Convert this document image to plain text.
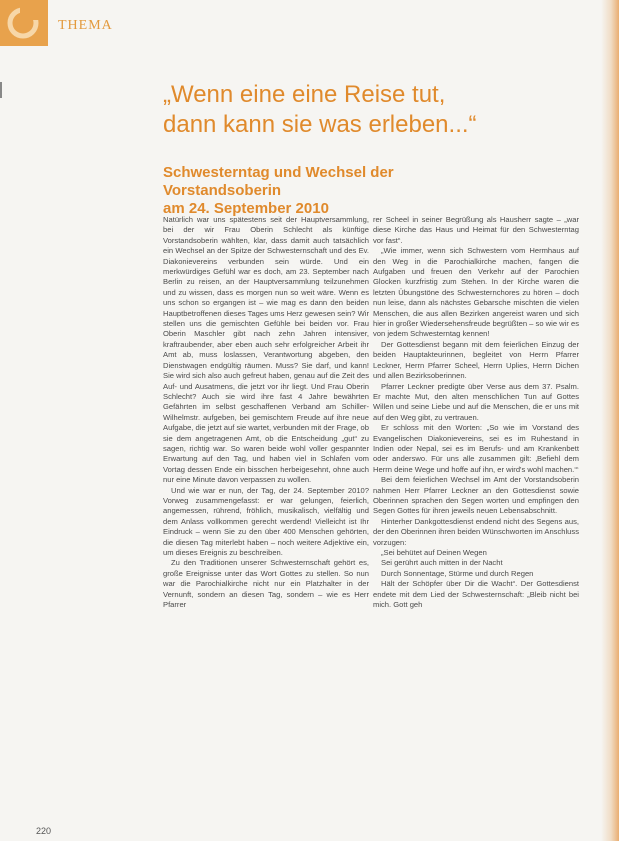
THEMA
„Wenn eine eine Reise tut,
dann kann sie was erleben...“
Schwesterntag und Wechsel der Vorstandsoberin
am 24. September 2010

Natürlich war uns spätestens seit der Hauptversammlung, bei der wir Frau Oberin Schlecht als künftige Vorstandsoberin wählten, klar, dass damit auch tatsächlich ein Wechsel an der Spitze der Schwesternschaft und des Ev. Diakonievereins verbunden sein würde. Und ein merkwürdiges Gefühl war es doch, am 23. September nach Berlin zu reisen, an der Hauptversammlung teilzunehmen und zu wissen, dass es morgen nun so weit wäre. Wenn es uns schon so ergangen ist – wie mag es dann den beiden Hauptbetroffenen dieses Tages ums Herz gewesen sein? Wir stellen uns die gemischten Gefühle bei beiden vor. Frau Oberin Maschler gibt nach zehn Jahren intensiver, kraftraubender, aber eben auch sehr erfolgreicher Arbeit ihr Amt ab, muss loslassen, Verantwortung abgeben, den Dienstwagen endgültig räumen. Muss? Sie darf, und kann! Sie wird sich also auch gefreut haben, genau auf die Zeit des Auf- und Ausatmens, die jetzt vor ihr liegt. Und Frau Oberin Schlecht? Auch sie wird ihre fast 4 Jahre bewährten Gefährten im selbst geschaffenen Verband am Schiller- Wilhelmstr. aufgeben, bei gemischtem Freude auf ihre neue Aufgabe, die jetzt auf sie wartet, verbunden mit der Frage, ob sie dem angetragenen Amt, ob die Entscheidung „gut“ zu sagen, richtig war. So waren beide wohl voller gespannter Erwartung auf den Tag, und haben viel in Schlafen vom Vortag dessen Ende ein bisschen herbeigesehnt, ohne auch nur eine Minute davon verpassen zu wollen.

Und wie war er nun, der Tag, der 24. September 2010? Vorweg zusammengefasst: er war gelungen, feierlich, angemessen, rührend, fröhlich, musikalisch, vielfältig und dem Anlass vollkommen gerecht werdend! Vielleicht ist Ihr Eindruck – wenn Sie zu den über 400 Menschen gehörten, die diesen Tag miterlebt haben – noch weitere Adjektive ein, um dieses Ereignis zu beschreiben.

Zu den Traditionen unserer Schwesternschaft gehört es, große Ereignisse unter das Wort Gottes zu stellen. So nun war die Parochialkirche nicht nur ein Platzhalter in der Vernunft, sondern an diesen Tag, sondern – wie es Herr Pfarrer

rer Scheel in seiner Begrüßung als Hausherr sagte – „war diese Kirche das Haus und Heimat für den Schwesterntag vor fast“.

„Wie immer, wenn sich Schwestern vom Hermhaus auf den Weg in die Parochialkirche machen, fangen die Aufgaben und freuen den Verkehr auf der Parochien Glocken kurzfristig zum Stehen. In der Kirche waren die letzten Übungstöne des Schwesternchores zu hören – doch nun leise, dann als nächstes Gebarsche mischten die vielen Menschen, die aus allen Bezirken angereist waren und sich hier in großer Wiedersehensfreude begrüßten – so wie wir es von jedem Schwesterntag kennen!

Der Gottesdienst begann mit dem feierlichen Einzug der beiden Hauptakteurinnen, begleitet von Herrn Pfarrer Leckner, Herrn Pfarrer Scheel, Herrn Uplies, Herrn Dichen und allen Bezirksoberinnen.

Pfarrer Leckner predigte über Verse aus dem 37. Psalm. Er machte Mut, den alten menschlichen Tun auf Gottes Willen und seine Liebe und auf die Menschen, die er uns mit auf den Weg gibt, zu vertrauen.

Er schloss mit den Worten: „So wie im Vorstand des Evangelischen Diakonievereins, sei es im Ruhestand in Indien oder Nepal, sei es im Berufs- und am Krankenbett oder anderswo. Für uns alle zusammen gilt: ‚Befiehl dem Herrn deine Wege und hoffe auf ihn, er wird's wohl machen.‘“

Bei dem feierlichen Wechsel im Amt der Vorstandsoberin nahmen Herr Pfarrer Leckner an den Gottesdienst sowie Oberinnen sprachen den Segen worten und empfingen den Segen Gottes für ihren jeweils neuen Lebensabschnitt.

Hinterher Dankgottesdienst endend nicht des Segens aus, der den Oberinnen ihren beiden Wünschworten im Anschluss vorzugen:

„Sei behütet auf Deinen Wegen

Sei gerührt auch mitten in der Nacht

Durch Sonnentage, Stürme und durch Regen

Hält der Schöpfer über Dir die Wacht“. Der Gottesdienst endete mit dem Lied der Schwesternschaft: „Bleib nicht bei mich. Gott geh

220
